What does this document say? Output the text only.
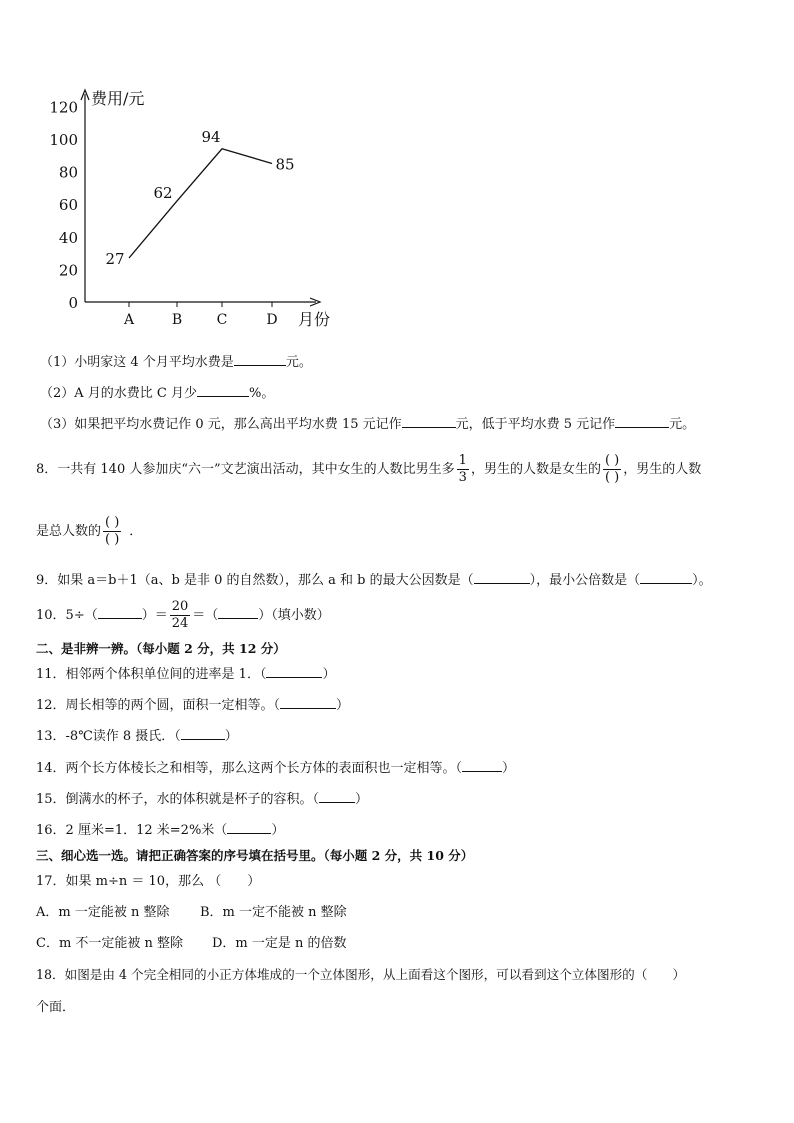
费用/元
月份
0
20
40
60
80
100
120
A	B C	D
27
62
94
85
（1）小明家这 4 个月平均水费是	元。
（2）A 月的水费比 C 月少	%。
（3）如果把平均水费记作 0 元，那么高出平均水费 15 元记作	元，低于平均水费 5 元记作	元。
8．一共有 140 人参加庆“六一”文艺演出活动，其中女生的人数比男生多 $\frac{1}{3}$ ，男生的人数是女生的 $\frac{( )}{( )}$ ，男生的人数
是总人数的 $\frac{( )}{( )}$ ．
9．如果 a＝b＋1（a、b 是非 0 的自然数），那么 a 和 b 的最大公因数是（	），最小公倍数是（	）。
10．5÷（	）＝ $\frac{20}{24}$ ＝（	）（填小数）
二、是非辨一辨。（每小题 2 分，共 12 分）
11．相邻两个体积单位间的进率是 1．（	）
12．周长相等的两个圆，面积一定相等。（	）
13．-8℃读作 8 摄氏．（	）
14．两个长方体棱长之和相等，那么这两个长方体的表面积也一定相等。（	）
15．倒满水的杯子，水的体积就是杯子的容积。（	）
16．2 厘米=1．12 米=2%米（	）
三、细心选一选。请把正确答案的序号填在括号里。（每小题 2 分，共 10 分）
17．如果 m÷n ＝ 10，那么 （　　）
A．m 一定能被 n 整除 B．m 一定不能被 n 整除
C．m 不一定能被 n 整除 D．m 一定是 n 的倍数
18．如图是由 4 个完全相同的小正方体堆成的一个立体图形，从上面看这个图形，可以看到这个立体图形的（　　）
个面．
